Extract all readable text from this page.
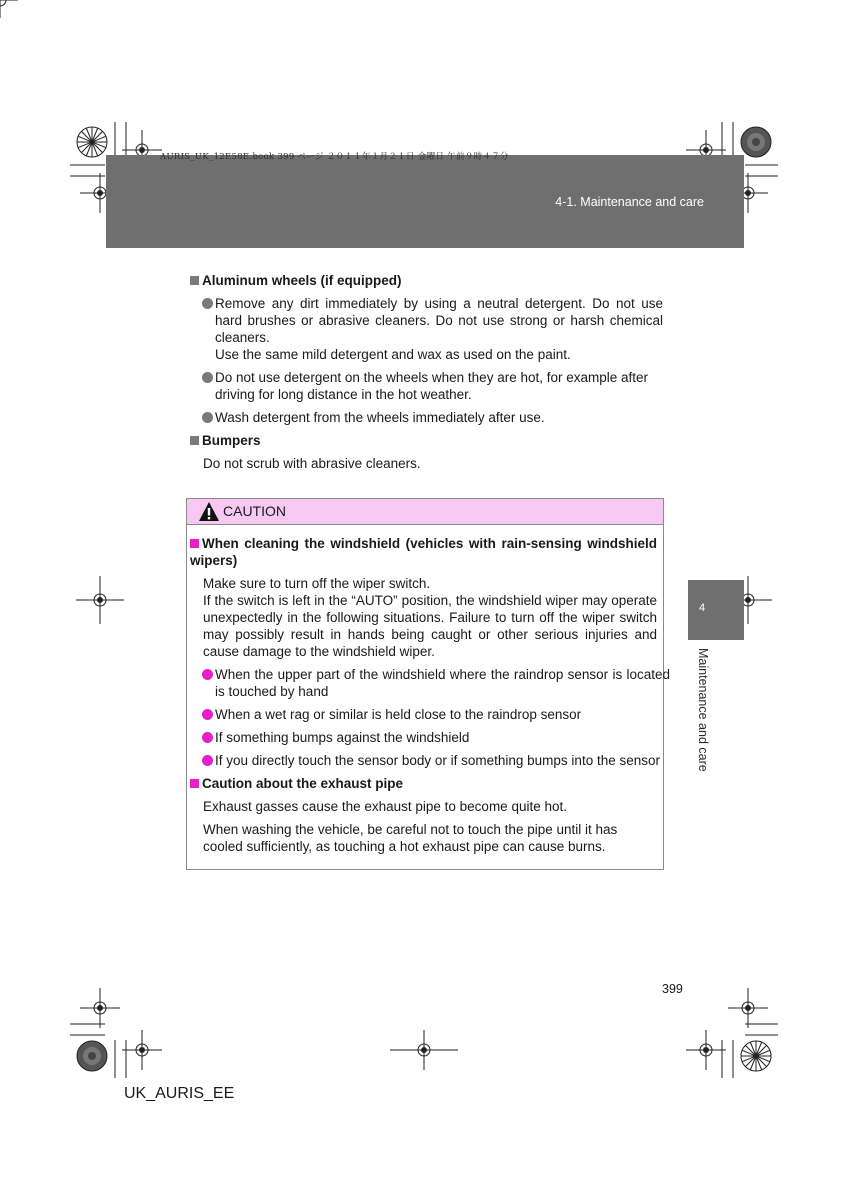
AURIS_UK_12E58E.book 399 ページ ２０１１年１月２１日 金曜日 午前９時４７分
4-1. Maintenance and care
4
Maintenance and care
Aluminum wheels (if equipped)
Remove any dirt immediately by using a neutral detergent. Do not use hard brushes or abrasive cleaners. Do not use strong or harsh chemical cleaners.
Use the same mild detergent and wax as used on the paint.
Do not use detergent on the wheels when they are hot, for example after driving for long distance in the hot weather.
Wash detergent from the wheels immediately after use.
Bumpers
Do not scrub with abrasive cleaners.
CAUTION
When cleaning the windshield (vehicles with rain-sensing windshield wipers)
Make sure to turn off the wiper switch.
If the switch is left in the “AUTO” position, the windshield wiper may operate unexpectedly in the following situations. Failure to turn off the wiper switch may possibly result in hands being caught or other serious injuries and cause damage to the windshield wiper.
When the upper part of the windshield where the raindrop sensor is located is touched by hand
When a wet rag or similar is held close to the raindrop sensor
If something bumps against the windshield
If you directly touch the sensor body or if something bumps into the sensor
Caution about the exhaust pipe
Exhaust gasses cause the exhaust pipe to become quite hot.
When washing the vehicle, be careful not to touch the pipe until it has cooled sufficiently, as touching a hot exhaust pipe can cause burns.
399
UK_AURIS_EE
